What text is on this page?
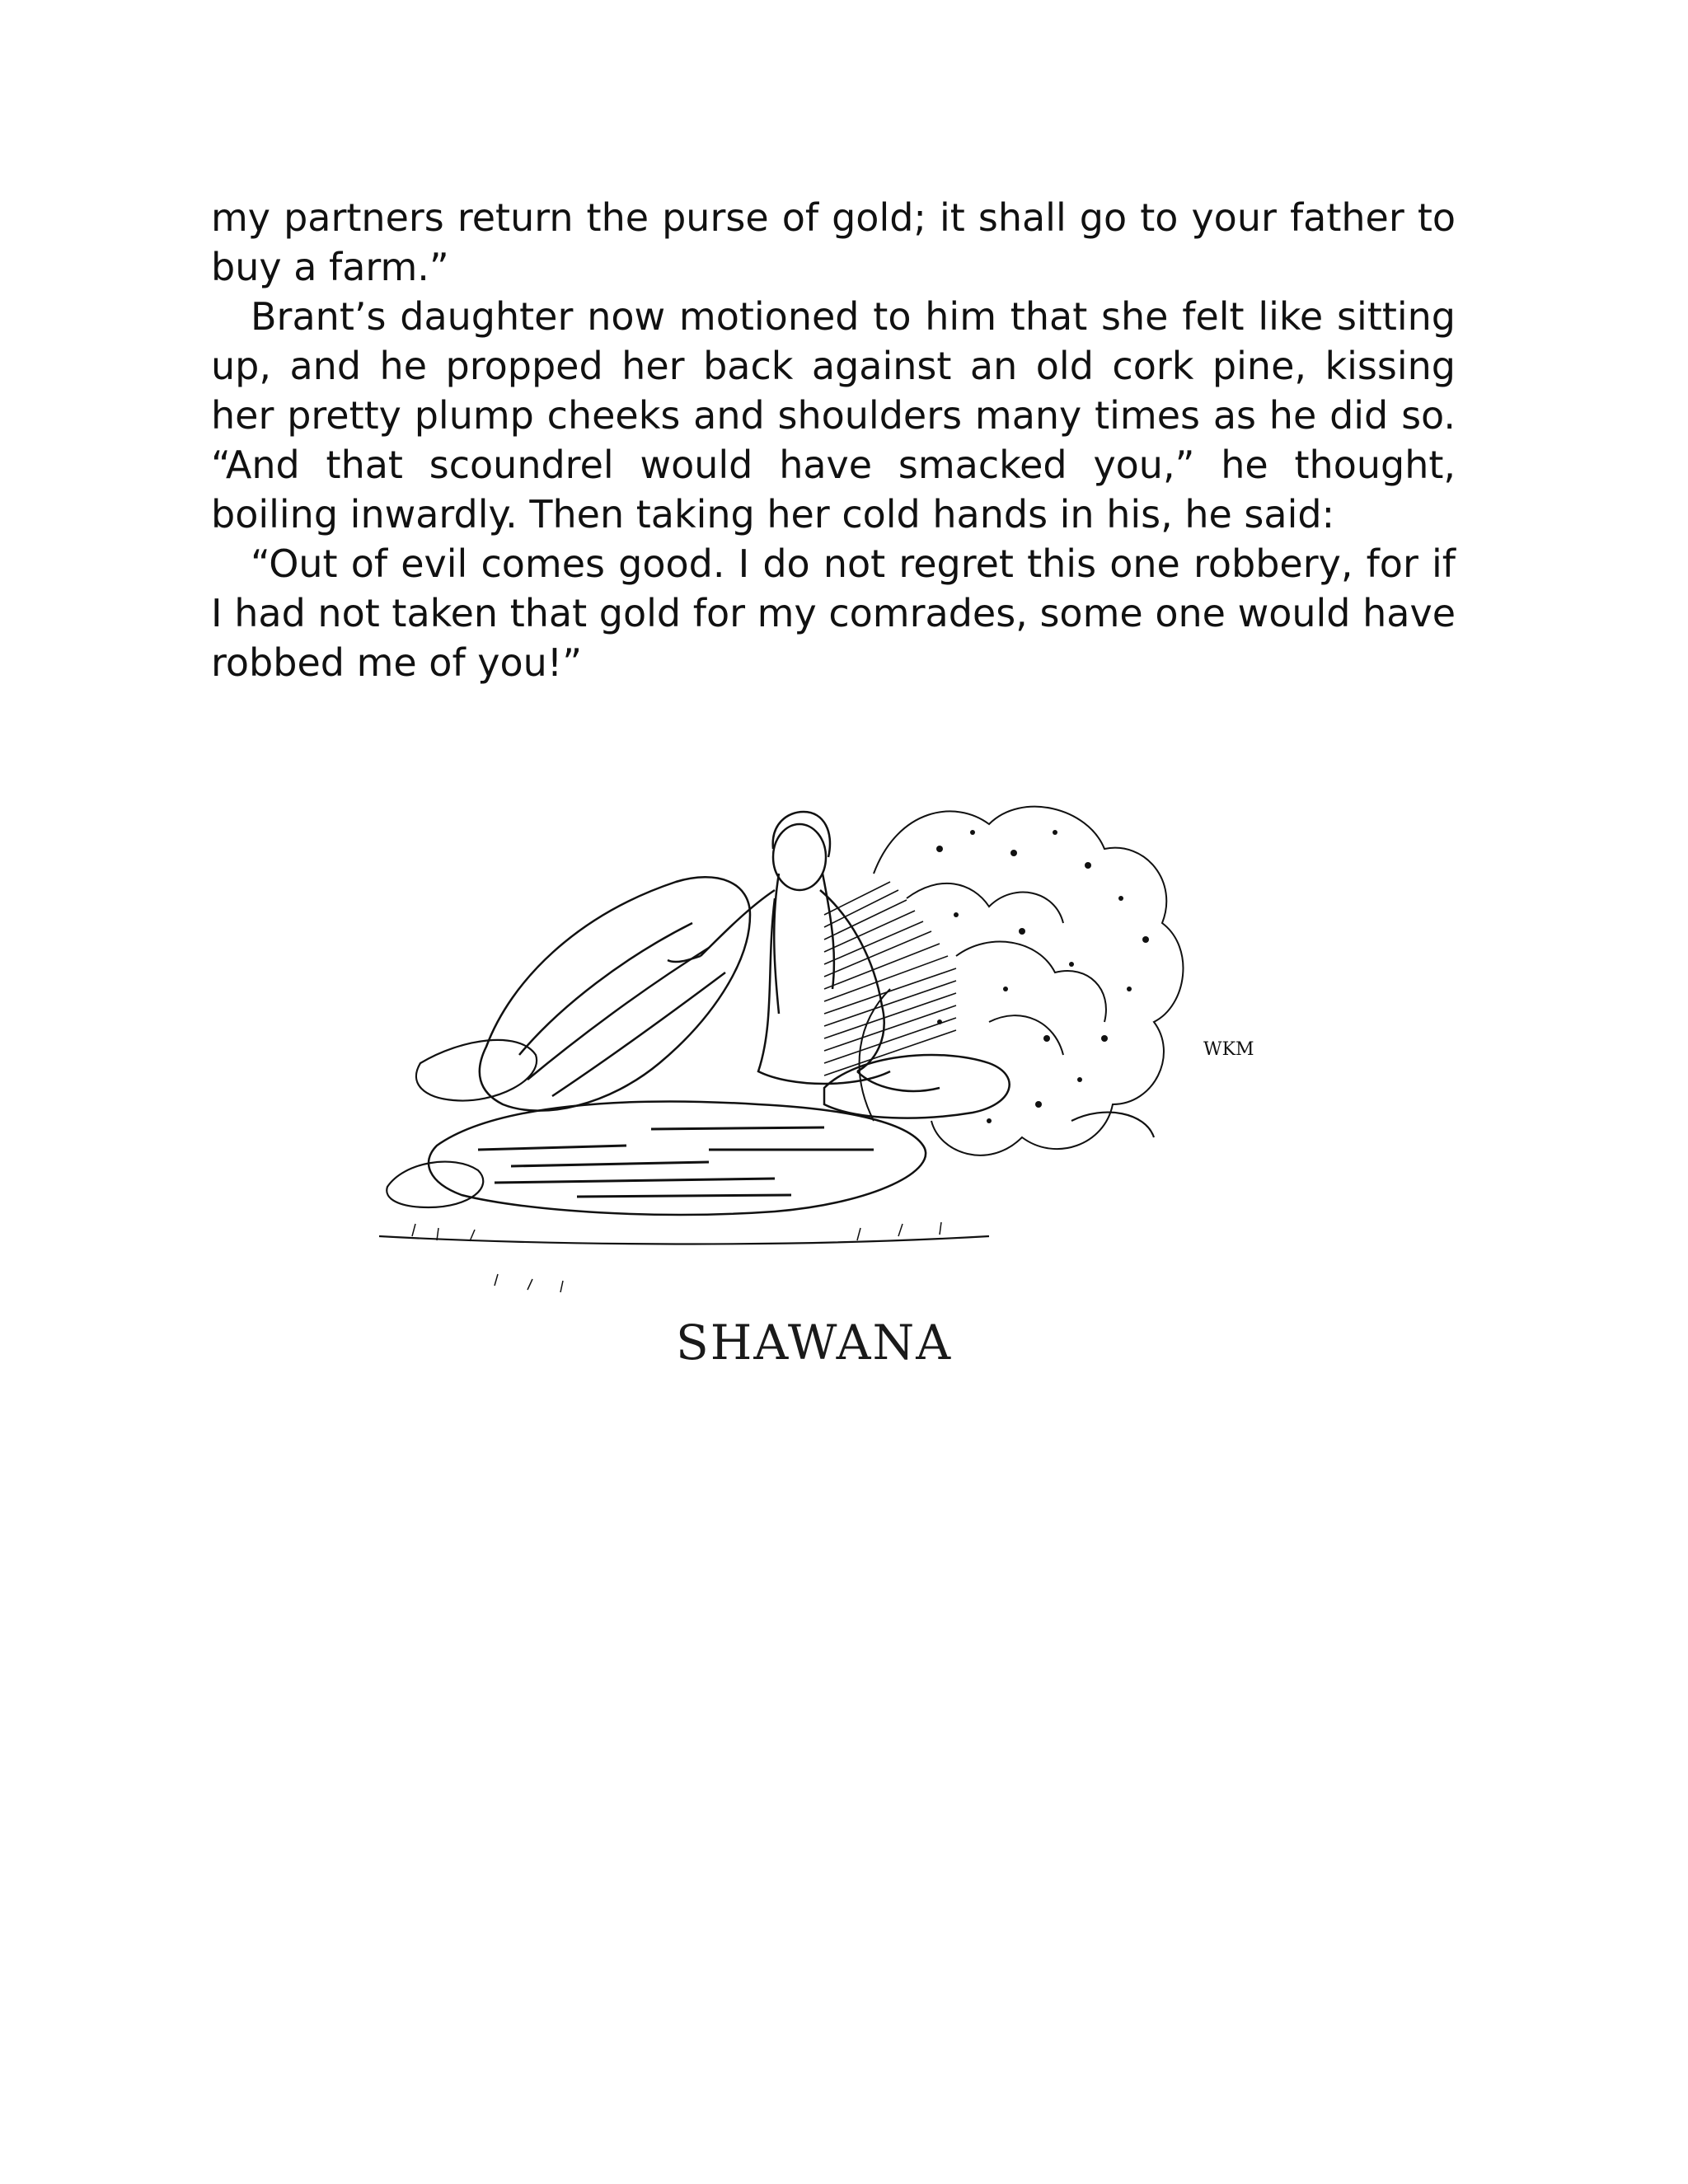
my partners return the purse of gold; it shall go to your father to buy a farm.”

Brant’s daughter now motioned to him that she felt like sitting up, and he propped her back against an old cork pine, kissing her pretty plump cheeks and shoulders many times as he did so. “And that scoundrel would have smacked you,” he thought, boiling inwardly. Then taking her cold hands in his, he said:

“Out of evil comes good. I do not regret this one robbery, for if I had not taken that gold for my comrades, some one would have robbed me of you!”

WKM
SHAWANA
